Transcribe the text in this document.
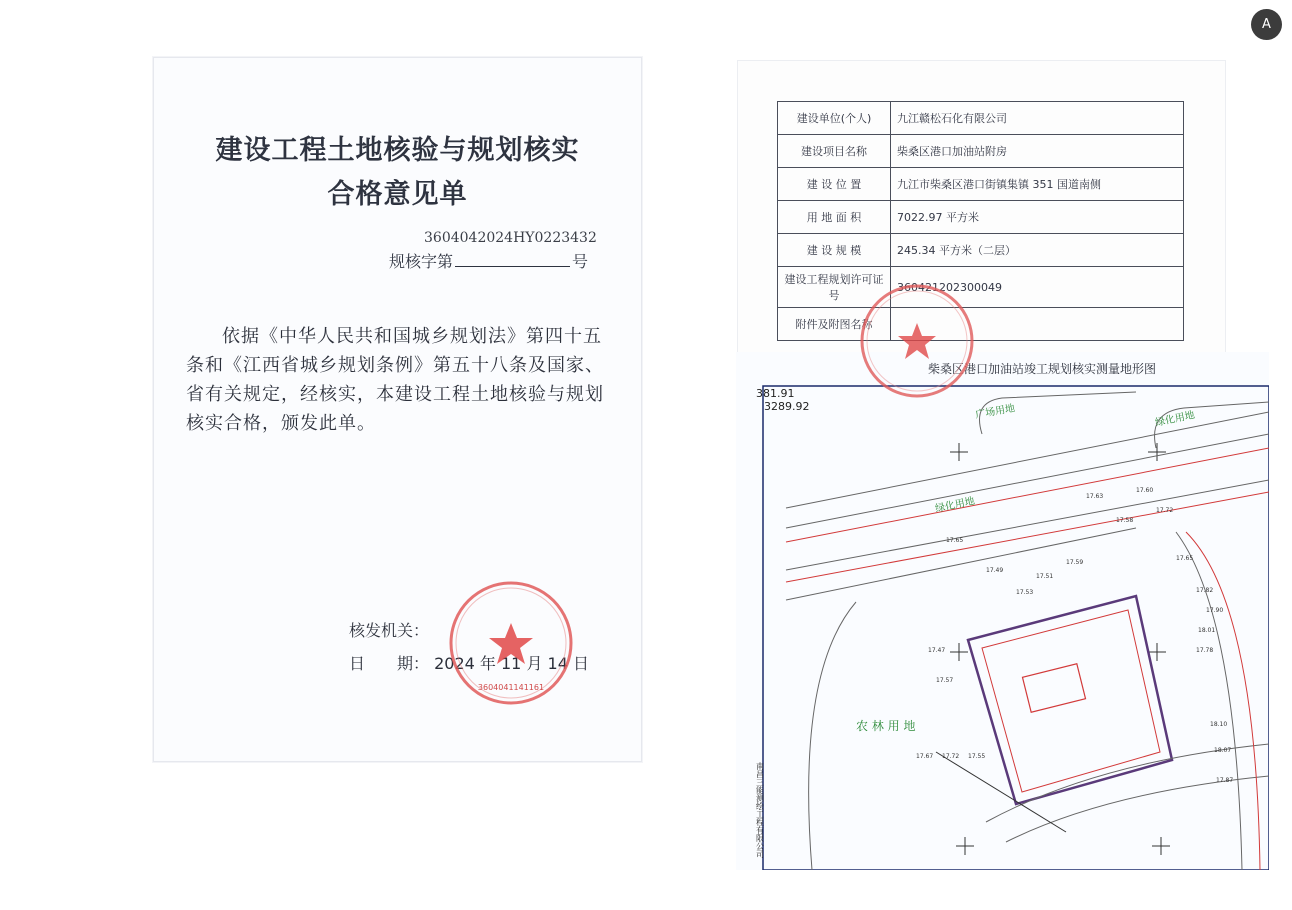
建设工程土地核验与规划核实
合格意见单
3604042024HY0223432
规核字第	号
依据《中华人民共和国城乡规划法》第四十五条和《江西省城乡规划条例》第五十八条及国家、省有关规定，经核实，本建设工程土地核验与规划核实合格，颁发此单。
核发机关：
日　　期： 2024 年 11 月 14 日
3604041141161
建设单位(个人)	九江赣松石化有限公司
建设项目名称	柴桑区港口加油站附房
建 设 位 置	九江市柴桑区港口街镇集镇 351 国道南侧
用 地 面 积	7022.97 平方米
建 设 规 模	245.34 平方米（二层）
建设工程规划许可证号	360421202300049
附件及附图名称	
381.91
3289.92	广场用地
绿化用地
绿化用地
农 林 用 地
17.65
17.60
17.63
17.58
17.59
17.72
17.65
17.51
17.49
17.53
17.47
17.57
17.67 17.72 17.55
17.82
17.90
18.07
17.87
17.78
18.01
18.10
南昌三能测绘工程有限公司
柴桑区港口加油站竣工规划核实测量地形图
A
